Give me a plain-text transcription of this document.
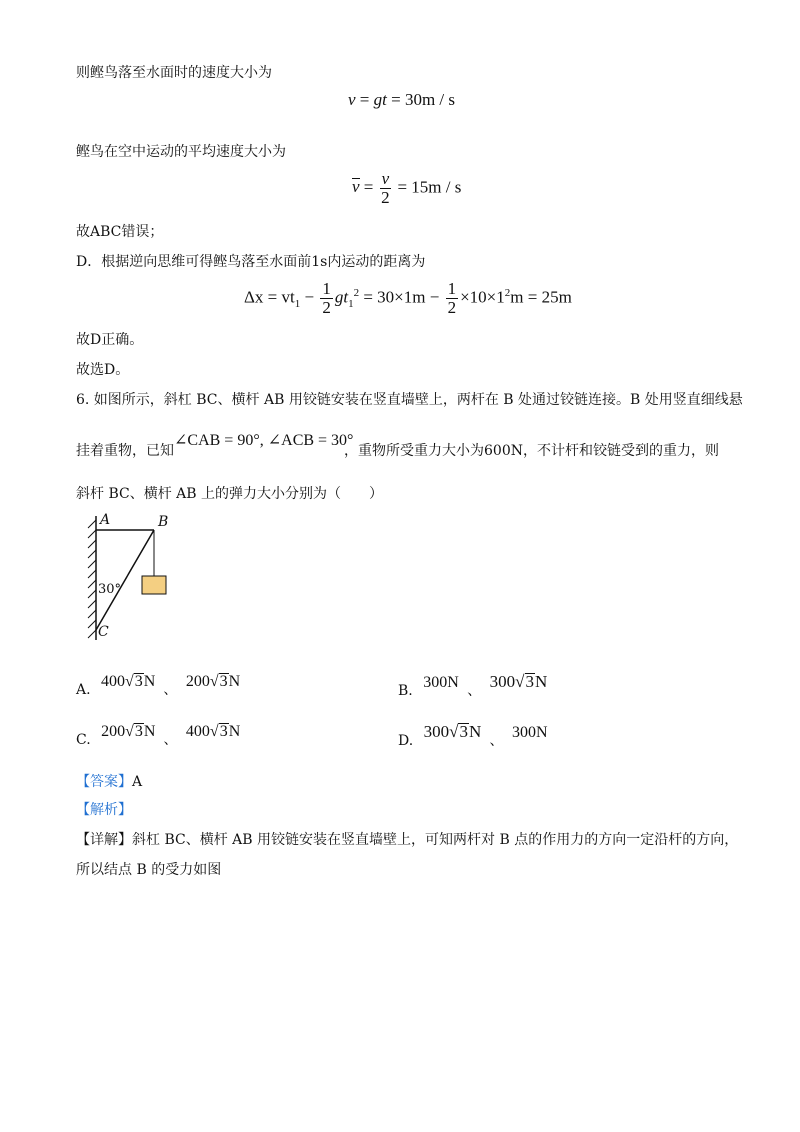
则鲣鸟落至水面时的速度大小为
v = gt = 30m / s
鲣鸟在空中运动的平均速度大小为
$v = \frac{v}{2} = 15m / s$
故ABC错误；
D．根据逆向思维可得鲣鸟落至水面前1s内运动的距离为
$\Delta x = vt_1 - \frac{1}{2} gt_1^2 = 30\times 1m - \frac{1}{2} \times 10\times 1^2m = 25m$
故D正确。
故选D。
6. 如图所示，斜杠 BC、横杆 AB 用铰链安装在竖直墙壁上，两杆在 B 处通过铰链连接。B 处用竖直细线悬
挂着重物，已知
∠CAB = 90°, ∠ACB = 30°
，重物所受重力大小为600N，不计杆和铰链受到的重力，则
斜杆 BC、横杆 AB 上的弹力大小分别为（　　）
A	B
C
30°
A. 400√3N 、 200√3N
B. 300N 、 300√3N
C. 200√3N 、 400√3N
D. 300√3N 、 300N
【答案】A
【解析】
【详解】斜杠 BC、横杆 AB 用铰链安装在竖直墙壁上，可知两杆对 B 点的作用力的方向一定沿杆的方向，
所以结点 B 的受力如图
